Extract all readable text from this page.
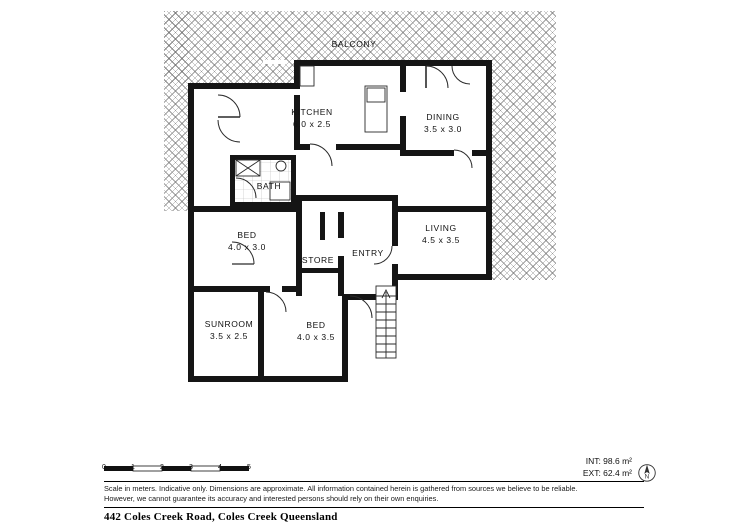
BALCONY
KITCHEN
6.0 x 2.5
DINING
3.5 x 3.0
BATH
BED
4.0 x 3.0
STORE
ENTRY
LIVING
4.5 x 3.5
SUNROOM
3.5 x 2.5
BED
4.0 x 3.5
INT: 98.6 m²
EXT: 62.4 m² N
0	1	2	3	4	5
Scale in meters. Indicative only. Dimensions are approximate. All information contained herein is gathered from sources we believe to be reliable.
However, we cannot guarantee its accuracy and interested persons should rely on their own enquiries.
442 Coles Creek Road, Coles Creek Queensland
